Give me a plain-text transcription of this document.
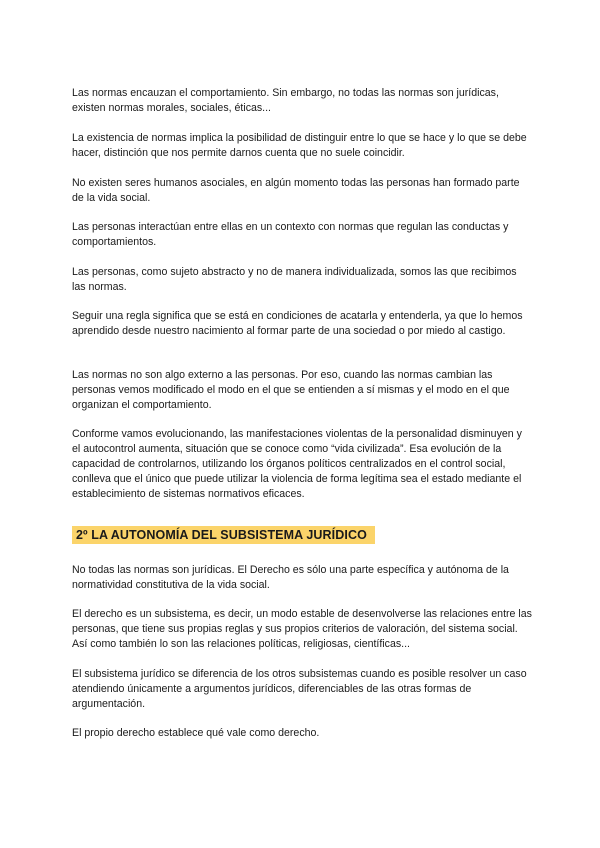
Las normas encauzan el comportamiento. Sin embargo, no todas las normas son jurídicas, existen normas morales, sociales, éticas...

La existencia de normas implica la posibilidad de distinguir entre lo que se hace y lo que se debe hacer, distinción que nos permite darnos cuenta que no suele coincidir.

No existen seres humanos asociales, en algún momento todas las personas han formado parte de la vida social.

Las personas interactúan entre ellas en un contexto con normas que regulan las conductas y comportamientos.

Las personas, como sujeto abstracto y no de manera individualizada, somos las que recibimos las normas.

Seguir una regla significa que se está en condiciones de acatarla y entenderla, ya que lo hemos aprendido desde nuestro nacimiento al formar parte de una sociedad o por miedo al castigo.

Las normas no son algo externo a las personas. Por eso, cuando las normas cambian las personas vemos modificado el modo en el que se entienden a sí mismas y el modo en el que organizan el comportamiento.

Conforme vamos evolucionando, las manifestaciones violentas de la personalidad disminuyen y el autocontrol aumenta, situación que se conoce como “vida civilizada”. Esa evolución de la capacidad de controlarnos, utilizando los órganos políticos centralizados en el control social, conlleva que el único que puede utilizar la violencia de forma legítima sea el estado mediante el establecimiento de sistemas normativos eficaces.

2º LA AUTONOMÍA DEL SUBSISTEMA JURÍDICO

No todas las normas son jurídicas. El Derecho es sólo una parte específica y autónoma de la normatividad constitutiva de la vida social.

El derecho es un subsistema, es decir, un modo estable de desenvolverse las relaciones entre las personas, que tiene sus propias reglas y sus propios criterios de valoración, del sistema social. Así como también lo son las relaciones políticas, religiosas, científicas...

El subsistema jurídico se diferencia de los otros subsistemas cuando es posible resolver un caso atendiendo únicamente a argumentos jurídicos, diferenciables de las otras formas de argumentación.

El propio derecho establece qué vale como derecho.
